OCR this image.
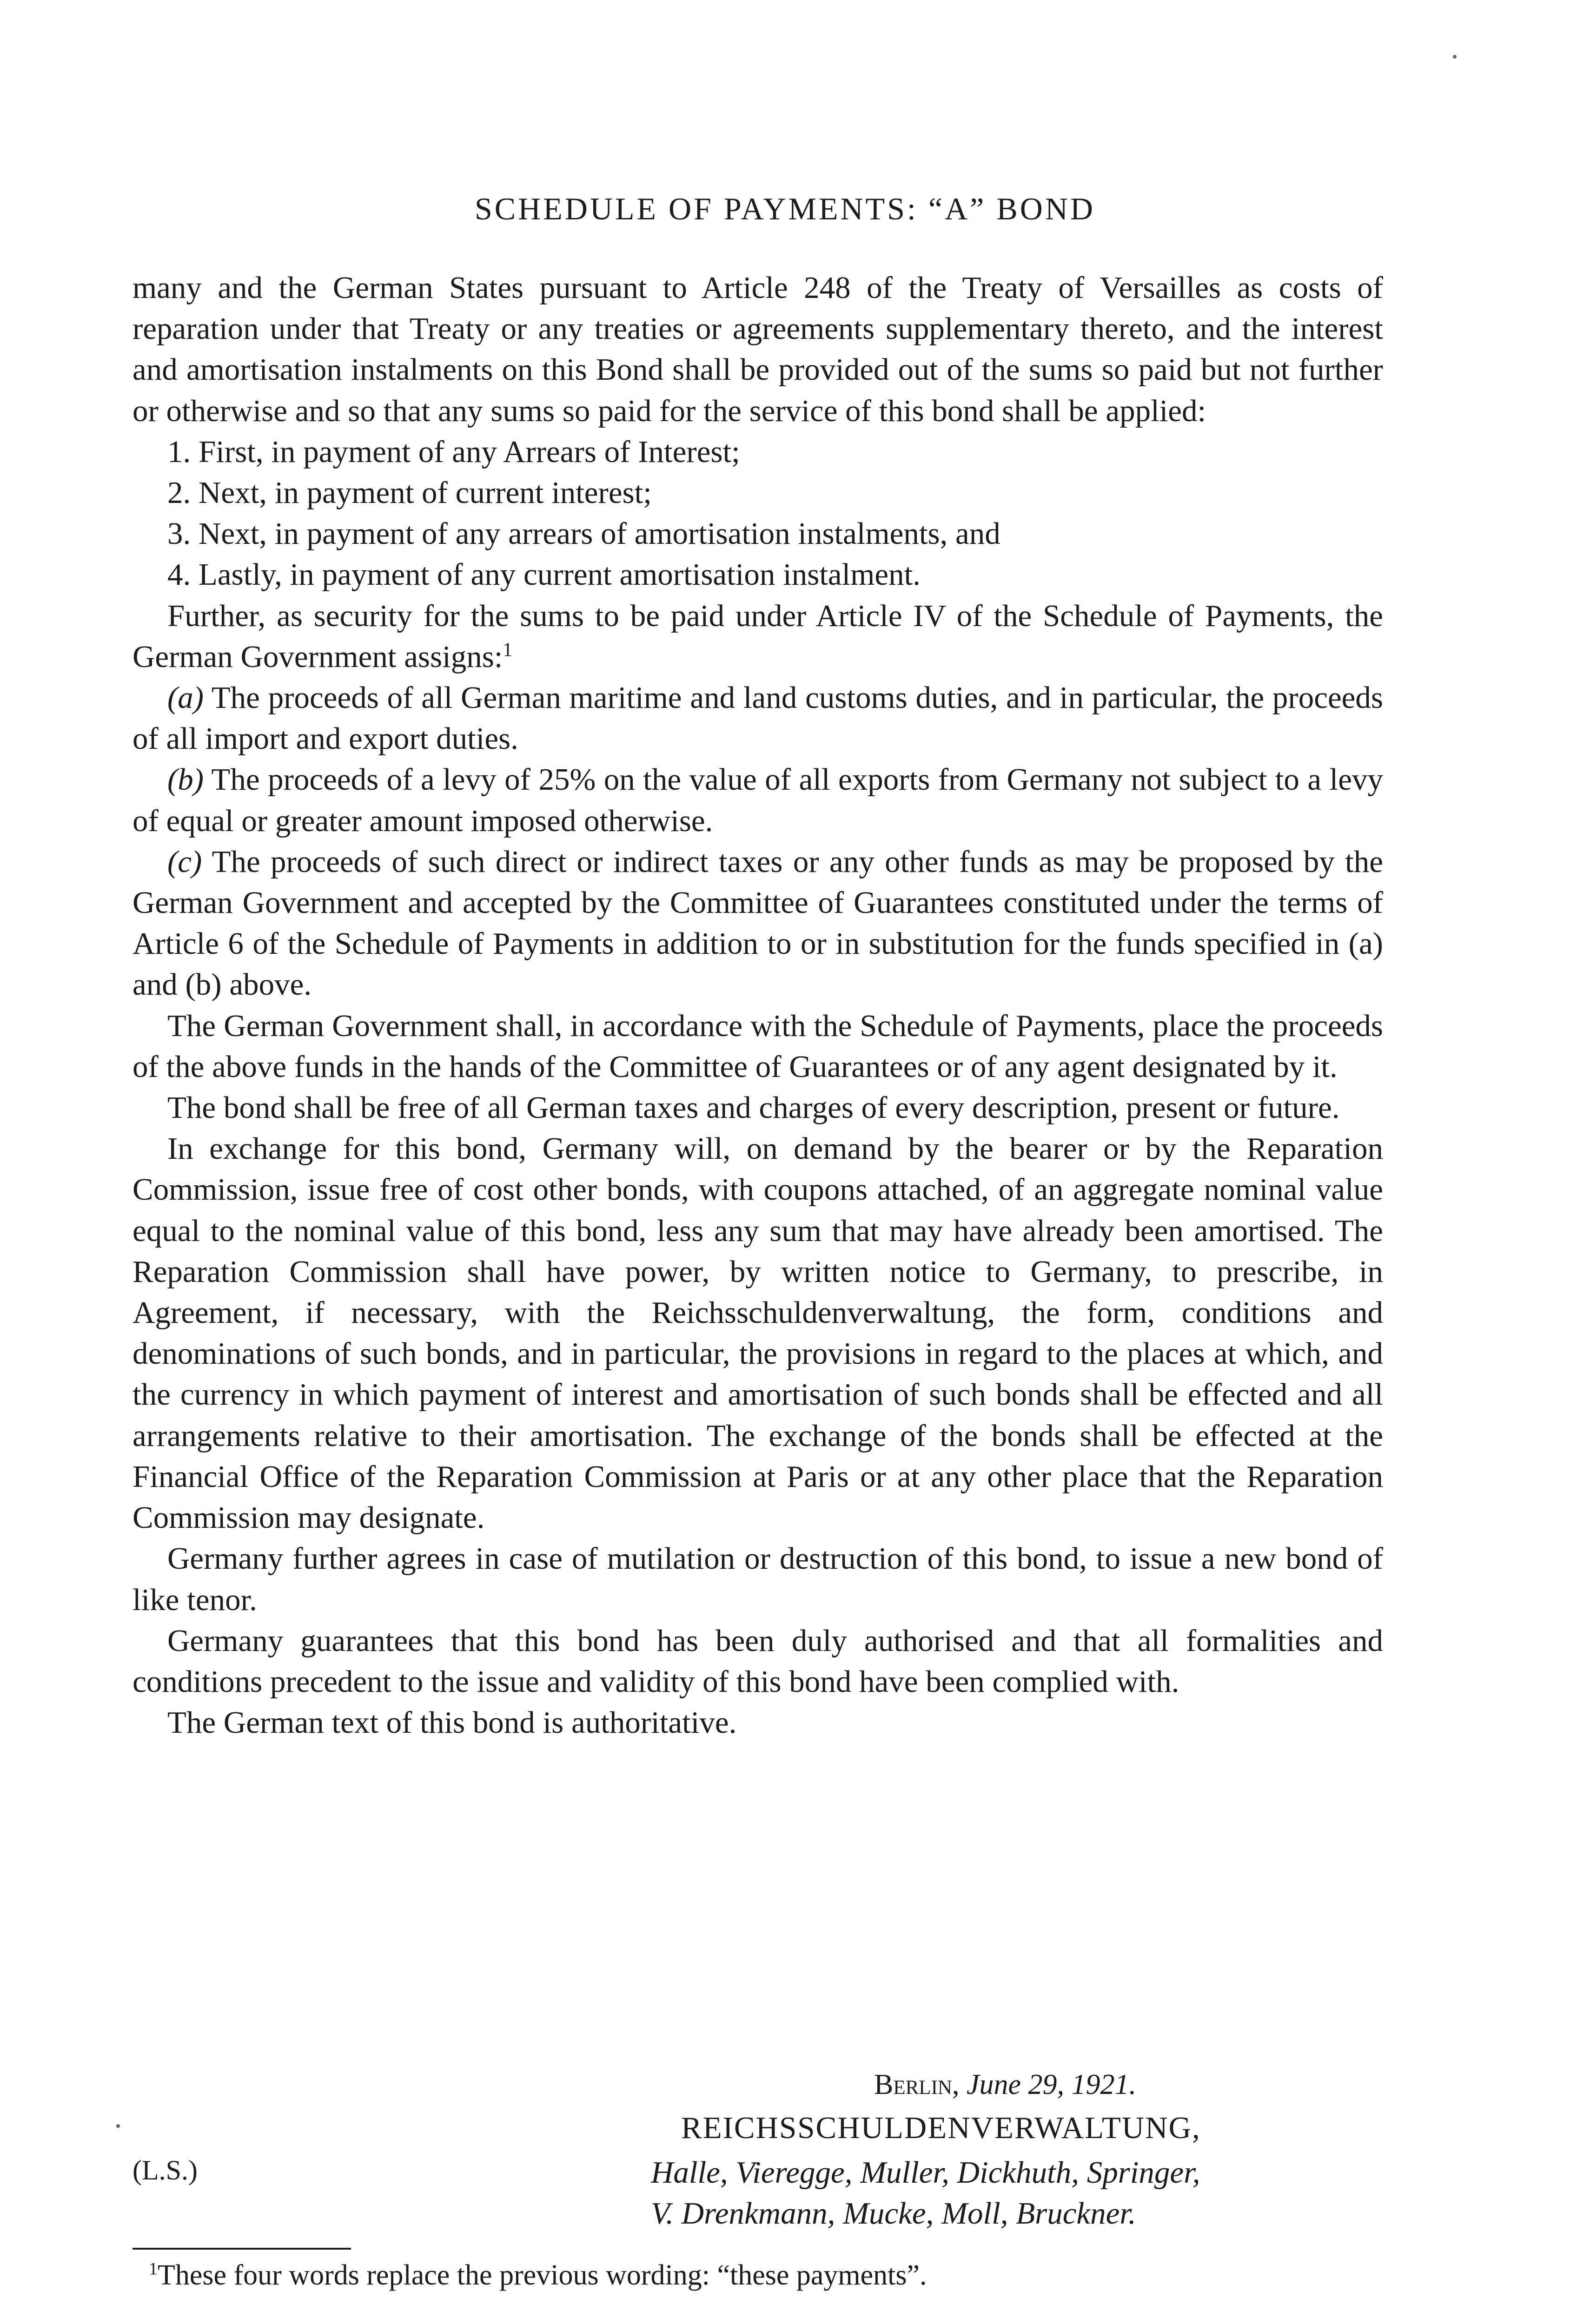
SCHEDULE OF PAYMENTS: “A” BOND

many and the German States pursuant to Article 248 of the Treaty of Versailles as costs of reparation under that Treaty or any treaties or agreements supplementary thereto, and the interest and amortisation instalments on this Bond shall be provided out of the sums so paid but not further or otherwise and so that any sums so paid for the service of this bond shall be applied:

1. First, in payment of any Arrears of Interest;

2. Next, in payment of current interest;

3. Next, in payment of any arrears of amortisation instalments, and

4. Lastly, in payment of any current amortisation instalment.

Further, as security for the sums to be paid under Article IV of the Schedule of Payments, the German Government assigns:$^1$

(a) The proceeds of all German maritime and land customs duties, and in particular, the proceeds of all import and export duties.

(b) The proceeds of a levy of 25% on the value of all exports from Germany not subject to a levy of equal or greater amount imposed otherwise.

(c) The proceeds of such direct or indirect taxes or any other funds as may be proposed by the German Government and accepted by the Committee of Guarantees constituted under the terms of Article 6 of the Schedule of Payments in addition to or in substitution for the funds specified in (a) and (b) above.

The German Government shall, in accordance with the Schedule of Payments, place the proceeds of the above funds in the hands of the Committee of Guarantees or of any agent designated by it.

The bond shall be free of all German taxes and charges of every description, present or future.

In exchange for this bond, Germany will, on demand by the bearer or by the Reparation Commission, issue free of cost other bonds, with coupons attached, of an aggregate nominal value equal to the nominal value of this bond, less any sum that may have already been amortised. The Reparation Commission shall have power, by written notice to Germany, to prescribe, in Agreement, if necessary, with the Reichsschuldenverwaltung, the form, conditions and denominations of such bonds, and in particular, the provisions in regard to the places at which, and the currency in which payment of interest and amortisation of such bonds shall be effected and all arrangements relative to their amortisation. The exchange of the bonds shall be effected at the Financial Office of the Reparation Commission at Paris or at any other place that the Reparation Commission may designate.

Germany further agrees in case of mutilation or destruction of this bond, to issue a new bond of like tenor.

Germany guarantees that this bond has been duly authorised and that all formalities and conditions precedent to the issue and validity of this bond have been complied with.

The German text of this bond is authoritative.

Berlin, June 29, 1921.
REICHSSCHULDENVERWALTUNG,
(L.S.)	Halle, Vieregge, Muller, Dickhuth, Springer,
V. Drenkmann, Mucke, Moll, Bruckner.
$^1$These four words replace the previous wording: “these payments”.
